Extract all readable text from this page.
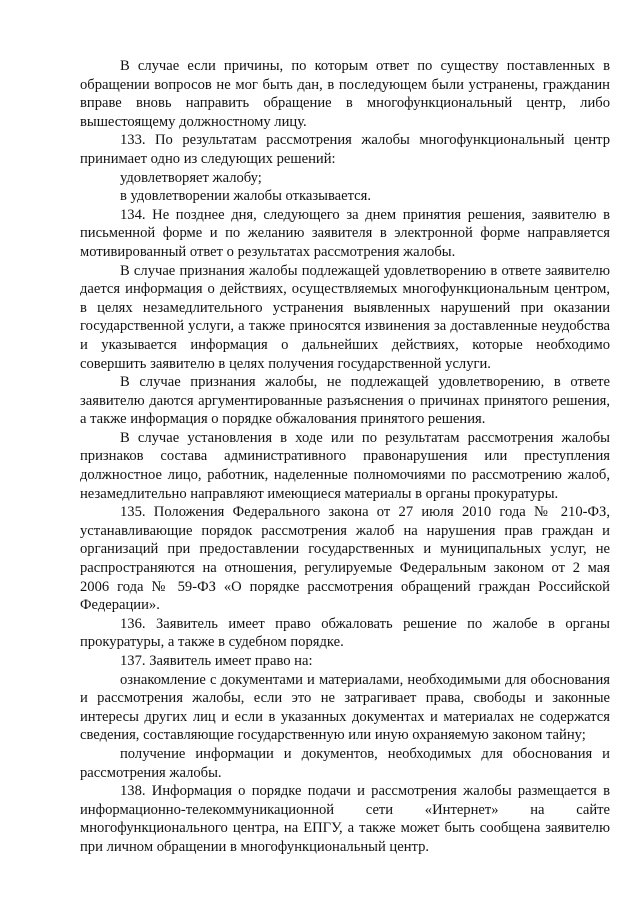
В случае если причины, по которым ответ по существу поставленных в обращении вопросов не мог быть дан, в последующем были устранены, гражданин вправе вновь направить обращение в многофункциональный центр, либо вышестоящему должностному лицу.

133. По результатам рассмотрения жалобы многофункциональный центр принимает одно из следующих решений:

удовлетворяет жалобу;

в удовлетворении жалобы отказывается.

134. Не позднее дня, следующего за днем принятия решения, заявителю в письменной форме и по желанию заявителя в электронной форме направляется мотивированный ответ о результатах рассмотрения жалобы.

В случае признания жалобы подлежащей удовлетворению в ответе заявителю дается информация о действиях, осуществляемых многофункциональным центром, в целях незамедлительного устранения выявленных нарушений при оказании государственной услуги, а также приносятся извинения за доставленные неудобства и указывается информация о дальнейших действиях, которые необходимо совершить заявителю в целях получения государственной услуги.

В случае признания жалобы, не подлежащей удовлетворению, в ответе заявителю даются аргументированные разъяснения о причинах принятого решения, а также информация о порядке обжалования принятого решения.

В случае установления в ходе или по результатам рассмотрения жалобы признаков состава административного правонарушения или преступления должностное лицо, работник, наделенные полномочиями по рассмотрению жалоб, незамедлительно направляют имеющиеся материалы в органы прокуратуры.

135. Положения Федерального закона от 27 июля 2010 года № 210-ФЗ, устанавливающие порядок рассмотрения жалоб на нарушения прав граждан и организаций при предоставлении государственных и муниципальных услуг, не распространяются на отношения, регулируемые Федеральным законом от 2 мая 2006 года № 59-ФЗ «О порядке рассмотрения обращений граждан Российской Федерации».

136. Заявитель имеет право обжаловать решение по жалобе в органы прокуратуры, а также в судебном порядке.

137. Заявитель имеет право на:

ознакомление с документами и материалами, необходимыми для обоснования и рассмотрения жалобы, если это не затрагивает права, свободы и законные интересы других лиц и если в указанных документах и материалах не содержатся сведения, составляющие государственную или иную охраняемую законом тайну;

получение информации и документов, необходимых для обоснования и рассмотрения жалобы.

138. Информация о порядке подачи и рассмотрения жалобы размещается в информационно-телекоммуникационной сети «Интернет» на сайте многофункционального центра, на ЕПГУ, а также может быть сообщена заявителю при личном обращении в многофункциональный центр.
